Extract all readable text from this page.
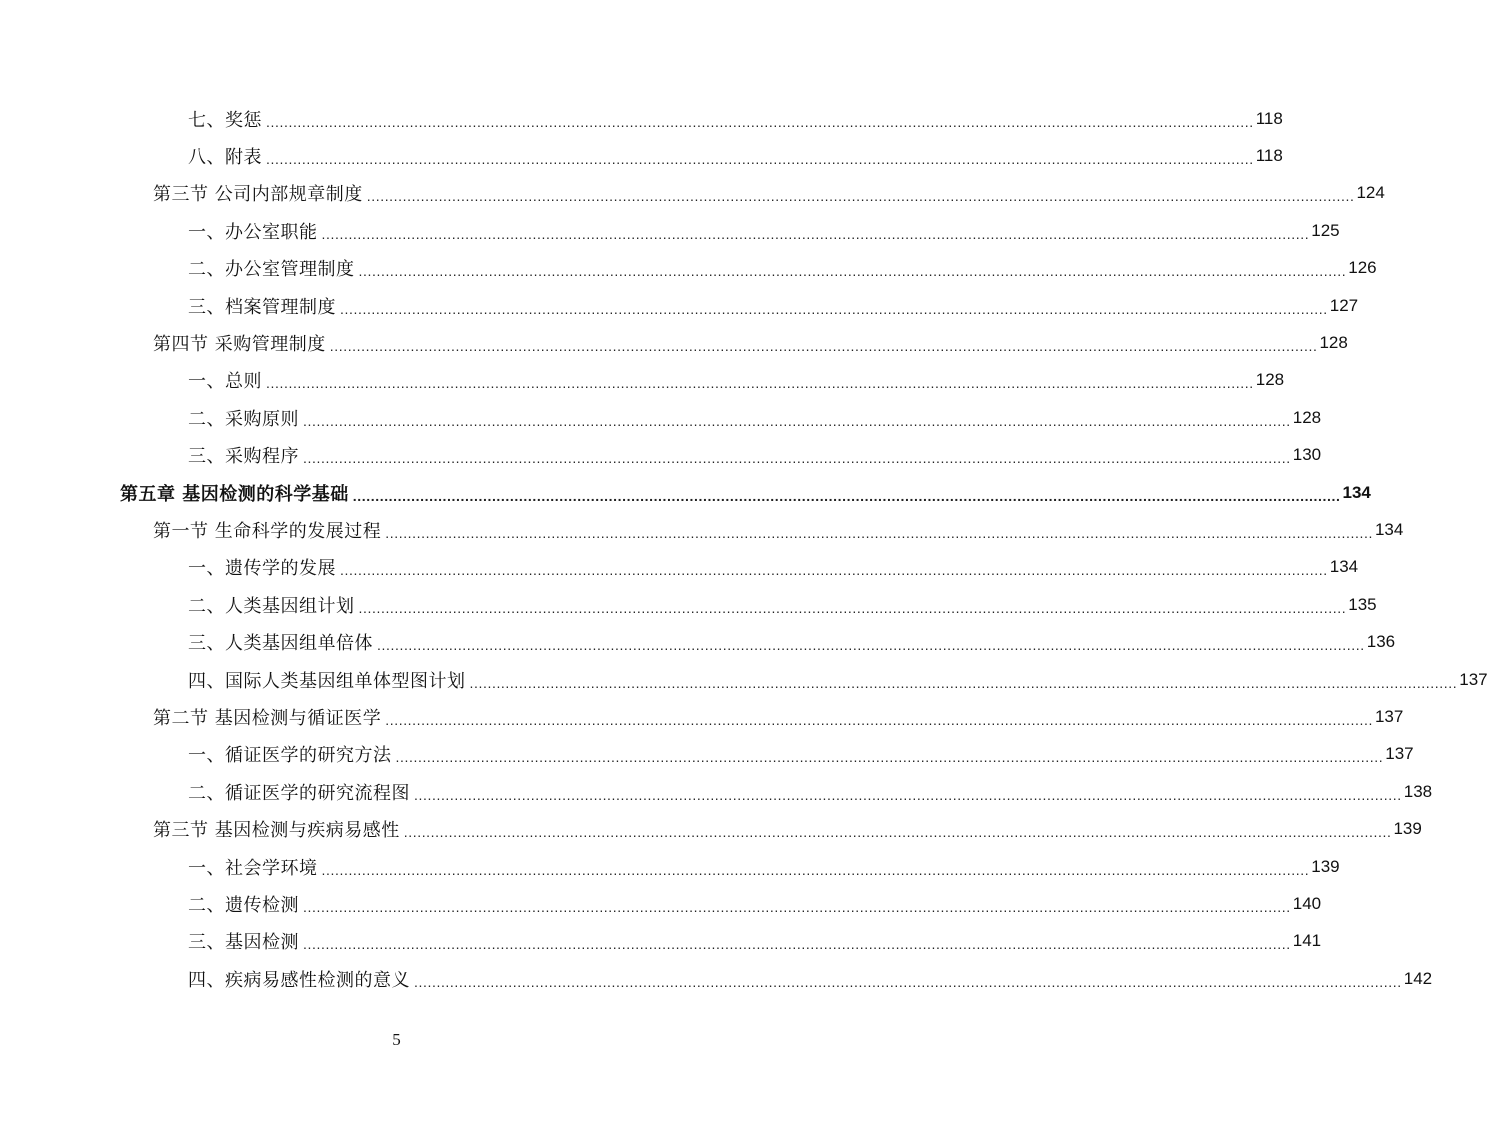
七、奖惩 ............................................................................................................................................................................................................................ 118
八、附表 ............................................................................................................................................................................................................................ 118
第三节 公司内部规章制度 ............................................................................................................................................................................................................................ 124
一、办公室职能 ............................................................................................................................................................................................................................ 125
二、办公室管理制度 ............................................................................................................................................................................................................................ 126
三、档案管理制度 ............................................................................................................................................................................................................................ 127
第四节 采购管理制度 ............................................................................................................................................................................................................................ 128
一、总则 ............................................................................................................................................................................................................................ 128
二、采购原则 ............................................................................................................................................................................................................................ 128
三、采购程序 ............................................................................................................................................................................................................................ 130
第五章 基因检测的科学基础 ............................................................................................................................................................................................................................ 134
第一节 生命科学的发展过程 ............................................................................................................................................................................................................................ 134
一、遗传学的发展 ............................................................................................................................................................................................................................ 134
二、人类基因组计划 ............................................................................................................................................................................................................................ 135
三、人类基因组单倍体 ............................................................................................................................................................................................................................ 136
四、国际人类基因组单体型图计划 ............................................................................................................................................................................................................................ 137
第二节 基因检测与循证医学 ............................................................................................................................................................................................................................ 137
一、循证医学的研究方法 ............................................................................................................................................................................................................................ 137
二、循证医学的研究流程图 ............................................................................................................................................................................................................................ 138
第三节 基因检测与疾病易感性 ............................................................................................................................................................................................................................ 139
一、社会学环境 ............................................................................................................................................................................................................................ 139
二、遗传检测 ............................................................................................................................................................................................................................ 140
三、基因检测 ............................................................................................................................................................................................................................ 141
四、疾病易感性检测的意义 ............................................................................................................................................................................................................................ 142
5
